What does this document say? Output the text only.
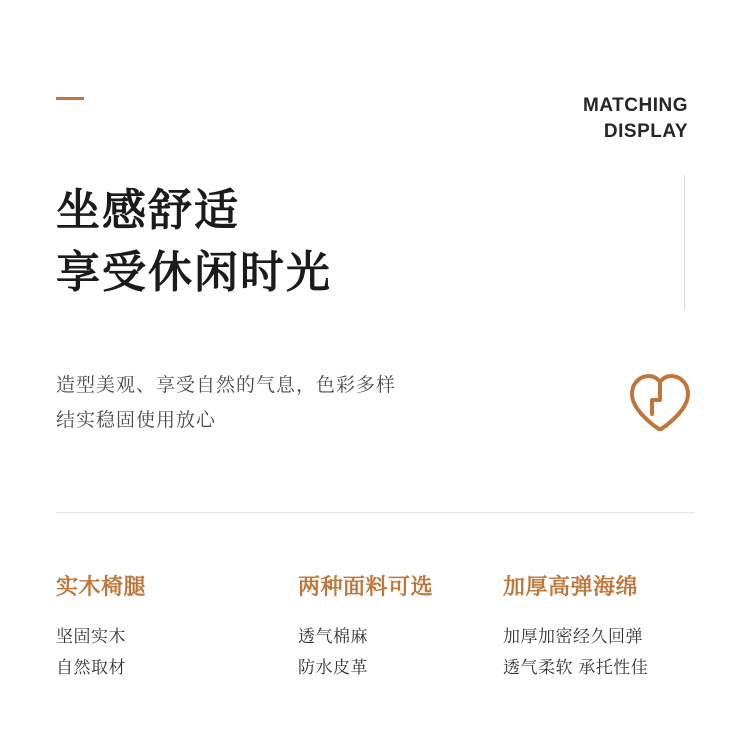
MATCHING
DISPLAY
坐感舒适
享受休闲时光
造型美观、享受自然的气息，色彩多样
结实稳固使用放心
实木椅腿
坚固实木
自然取材
两种面料可选
透气棉麻
防水皮革
加厚高弹海绵
加厚加密经久回弹
透气柔软 承托性佳
